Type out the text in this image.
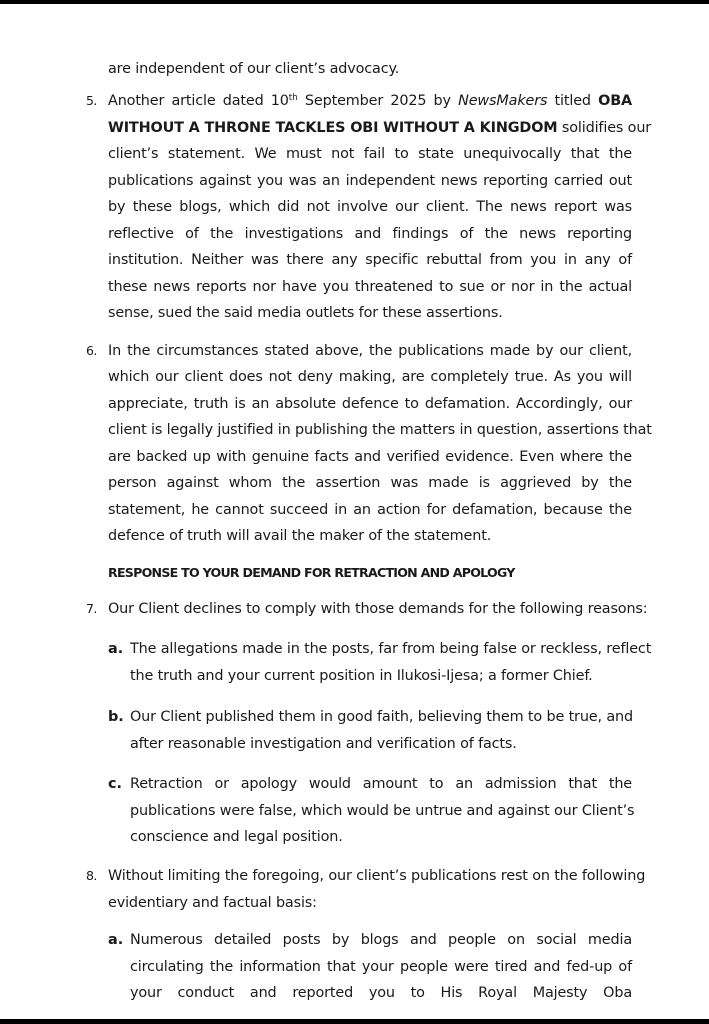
are independent of our client’s advocacy.
5. Another article dated 10th September 2025 by NewsMakers titled OBA
WITHOUT A THRONE TACKLES OBI WITHOUT A KINGDOM solidifies our
client’s statement. We must not fail to state unequivocally that the
publications against you was an independent news reporting carried out
by these blogs, which did not involve our client. The news report was
reflective of the investigations and findings of the news reporting
institution. Neither was there any specific rebuttal from you in any of
these news reports nor have you threatened to sue or nor in the actual
sense, sued the said media outlets for these assertions.
6. In the circumstances stated above, the publications made by our client,
which our client does not deny making, are completely true. As you will
appreciate, truth is an absolute defence to defamation. Accordingly, our
client is legally justified in publishing the matters in question, assertions that
are backed up with genuine facts and verified evidence. Even where the
person against whom the assertion was made is aggrieved by the
statement, he cannot succeed in an action for defamation, because the
defence of truth will avail the maker of the statement.
RESPONSE TO YOUR DEMAND FOR RETRACTION AND APOLOGY
7. Our Client declines to comply with those demands for the following reasons:
a. The allegations made in the posts, far from being false or reckless, reflect
the truth and your current position in Ilukosi-Ijesa; a former Chief.
b. Our Client published them in good faith, believing them to be true, and
after reasonable investigation and verification of facts.
c. Retraction or apology would amount to an admission that the
publications were false, which would be untrue and against our Client’s
conscience and legal position.
8. Without limiting the foregoing, our client’s publications rest on the following
evidentiary and factual basis:
a. Numerous detailed posts by blogs and people on social media
circulating the information that your people were tired and fed-up of
your conduct and reported you to His Royal Majesty Oba
